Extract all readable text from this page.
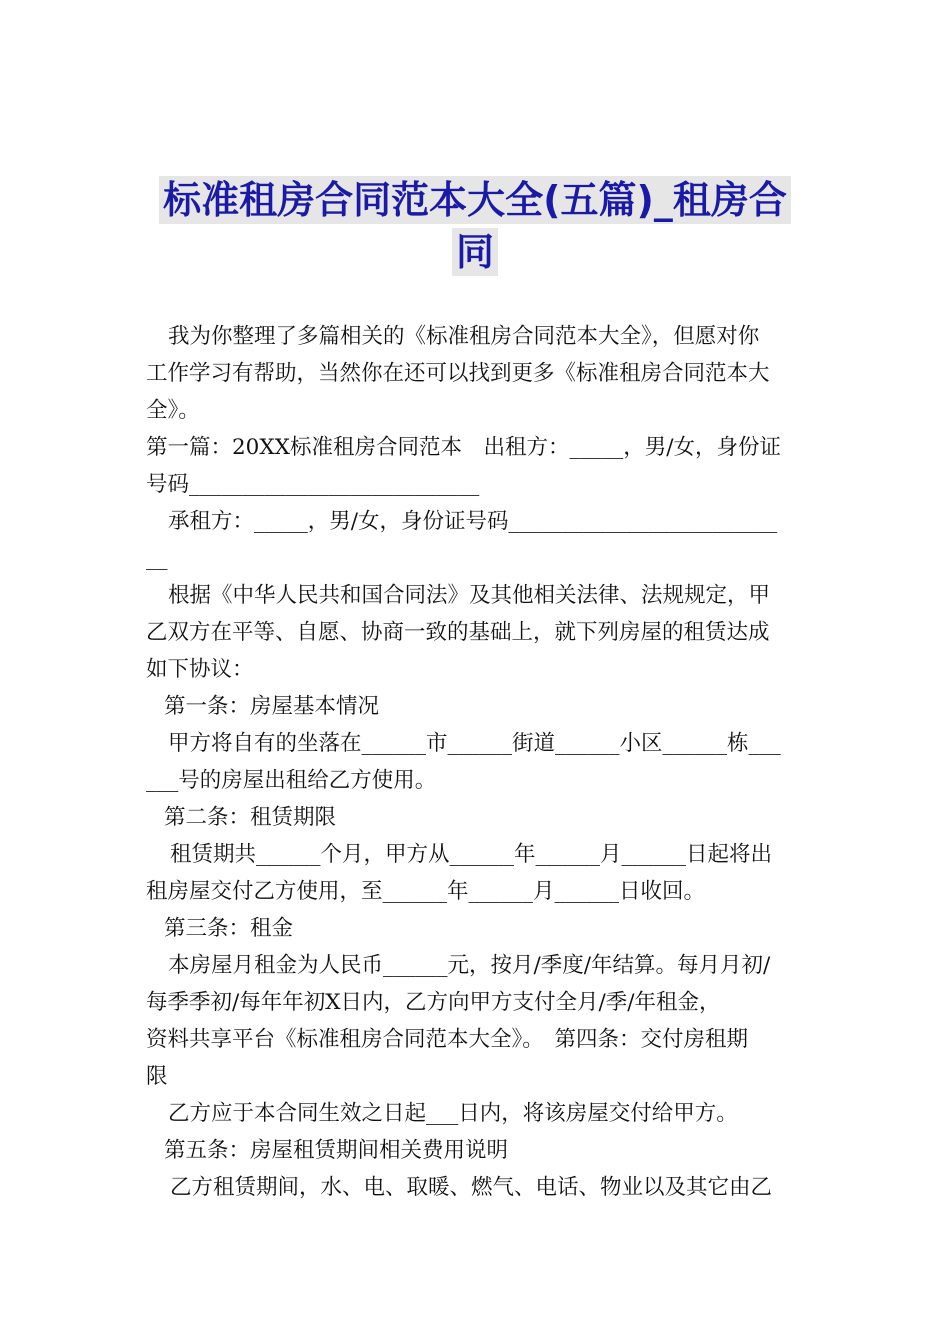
标准租房合同范本大全(五篇)_租房合
同
我为你整理了多篇相关的《标准租房合同范本大全》，但愿对你
工作学习有帮助，当然你在还可以找到更多《标准租房合同范本大
全》。
第一篇：20XX标准租房合同范本　出租方：_____，男/女，身份证
号码___________________________
承租方：_____，男/女，身份证号码_________________________
__
根据《中华人民共和国合同法》及其他相关法律、法规规定，甲
乙双方在平等、自愿、协商一致的基础上，就下列房屋的租赁达成
如下协议：
第一条：房屋基本情况
甲方将自有的坐落在______市______街道______小区______栋___
___号的房屋出租给乙方使用。
第二条：租赁期限
租赁期共______个月，甲方从______年______月______日起将出
租房屋交付乙方使用，至______年______月______日收回。
第三条：租金
本房屋月租金为人民币______元，按月/季度/年结算。每月月初/
每季季初/每年年初X日内，乙方向甲方支付全月/季/年租金，
资料共享平台《标准租房合同范本大全》。　第四条：交付房租期
限
乙方应于本合同生效之日起___日内，将该房屋交付给甲方。
第五条：房屋租赁期间相关费用说明
乙方租赁期间，水、电、取暖、燃气、电话、物业以及其它由乙
